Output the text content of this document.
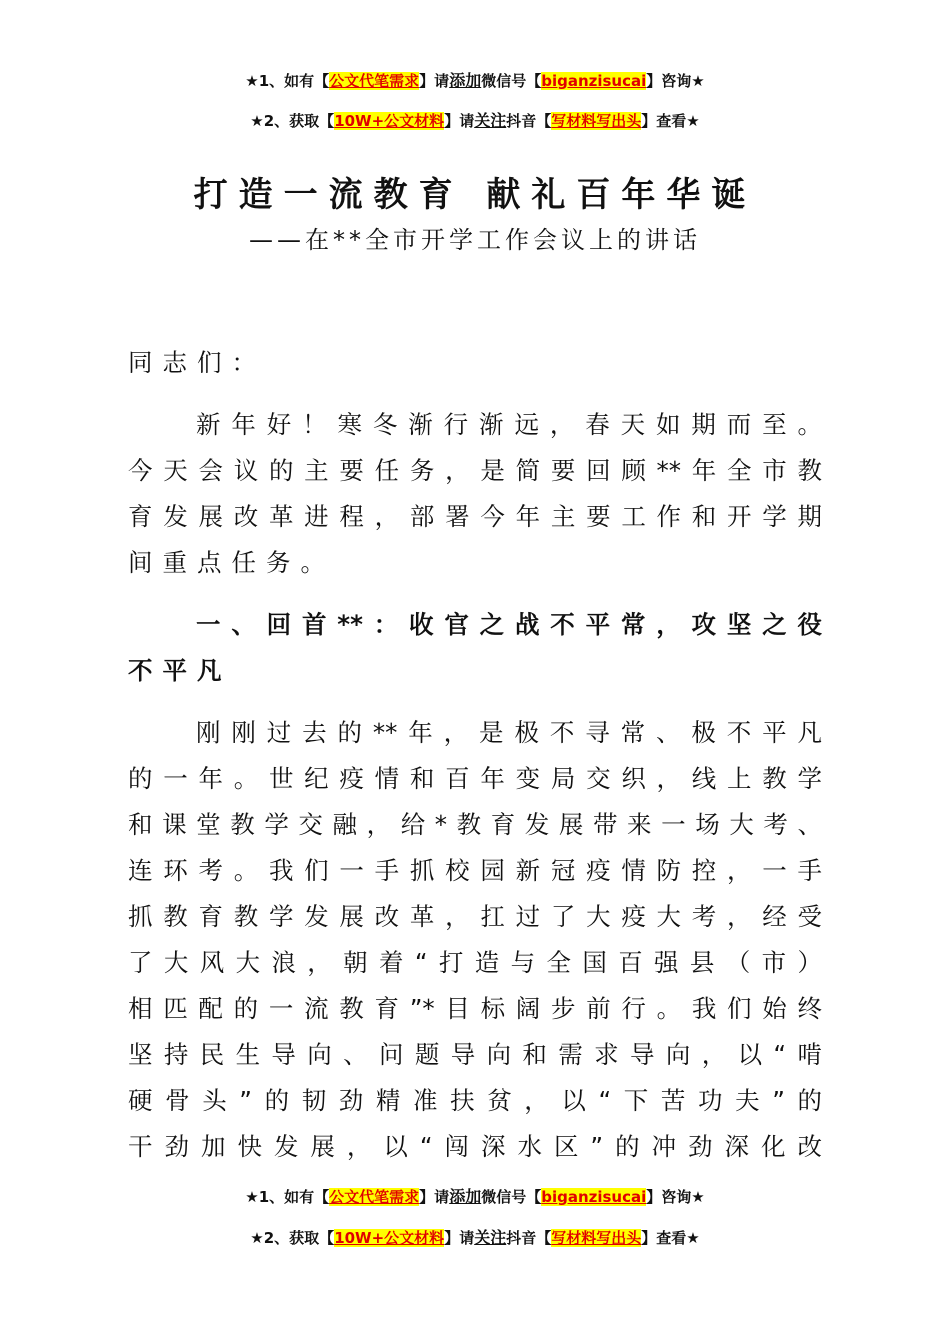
★1、如有【公文代笔需求】请添加微信号【biganzisucai】咨询★
★2、获取【10W+公文材料】请关注抖音【写材料写出头】查看★
打造一流教育 献礼百年华诞
——在**全市开学工作会议上的讲话
同志们：
新年好！寒冬渐行渐远，春天如期而至。
今天会议的主要任务，是简要回顾**年全市教
育发展改革进程，部署今年主要工作和开学期
间重点任务。
一、回首**：收官之战不平常，攻坚之役
不平凡
刚刚过去的**年，是极不寻常、极不平凡
的一年。世纪疫情和百年变局交织，线上教学
和课堂教学交融，给*教育发展带来一场大考、
连环考。我们一手抓校园新冠疫情防控，一手
抓教育教学发展改革，扛过了大疫大考，经受
了大风大浪，朝着“打造与全国百强县（市）
相匹配的一流教育”*目标阔步前行。我们始终
坚持民生导向、问题导向和需求导向，以“啃
硬骨头”的韧劲精准扶贫，以“下苦功夫”的
干劲加快发展，以“闯深水区”的冲劲深化改
★1、如有【公文代笔需求】请添加微信号【biganzisucai】咨询★
★2、获取【10W+公文材料】请关注抖音【写材料写出头】查看★
